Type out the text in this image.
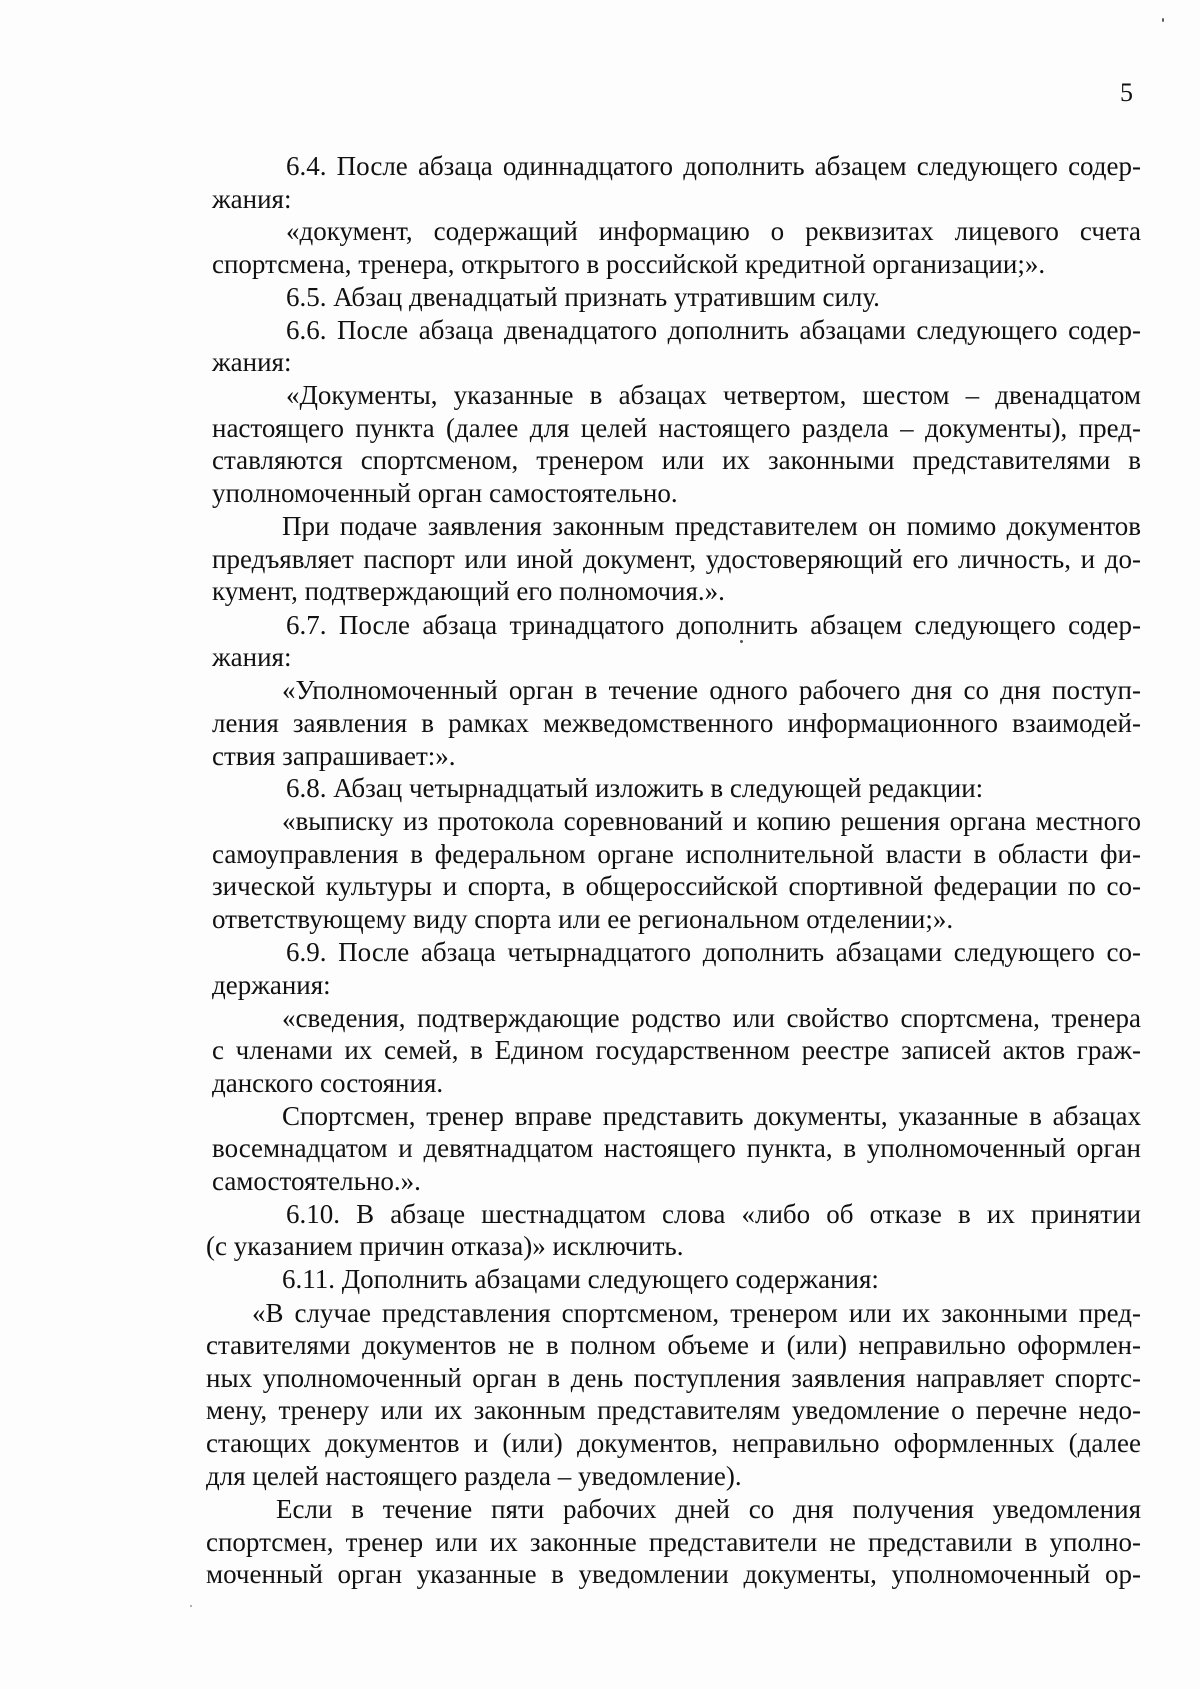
5
6.4. После абзаца одиннадцатого дополнить абзацем следующего содер-
жания:
«документ, содержащий информацию о реквизитах лицевого счета
спортсмена, тренера, открытого в российской кредитной организации;».
6.5. Абзац двенадцатый признать утратившим силу.
6.6. После абзаца двенадцатого дополнить абзацами следующего содер-
жания:
«Документы, указанные в абзацах четвертом, шестом – двенадцатом
настоящего пункта (далее для целей настоящего раздела – документы), пред-
ставляются спортсменом, тренером или их законными представителями в
уполномоченный орган самостоятельно.
При подаче заявления законным представителем он помимо документов
предъявляет паспорт или иной документ, удостоверяющий его личность, и до-
кумент, подтверждающий его полномочия.».
6.7. После абзаца тринадцатого дополнить абзацем следующего содер-
жания:
«Уполномоченный орган в течение одного рабочего дня со дня поступ-
ления заявления в рамках межведомственного информационного взаимодей-
ствия запрашивает:».
6.8. Абзац четырнадцатый изложить в следующей редакции:
«выписку из протокола соревнований и копию решения органа местного
самоуправления в федеральном органе исполнительной власти в области фи-
зической культуры и спорта, в общероссийской спортивной федерации по со-
ответствующему виду спорта или ее региональном отделении;».
6.9. После абзаца четырнадцатого дополнить абзацами следующего со-
держания:
«сведения, подтверждающие родство или свойство спортсмена, тренера
с членами их семей, в Едином государственном реестре записей актов граж-
данского состояния.
Спортсмен, тренер вправе представить документы, указанные в абзацах
восемнадцатом и девятнадцатом настоящего пункта, в уполномоченный орган
самостоятельно.».
6.10. В абзаце шестнадцатом слова «либо об отказе в их принятии
(с указанием причин отказа)» исключить.
6.11. Дополнить абзацами следующего содержания:
«В случае представления спортсменом, тренером или их законными пред-
ставителями документов не в полном объеме и (или) неправильно оформлен-
ных уполномоченный орган в день поступления заявления направляет спортс-
мену, тренеру или их законным представителям уведомление о перечне недо-
стающих документов и (или) документов, неправильно оформленных (далее
для целей настоящего раздела – уведомление).
Если в течение пяти рабочих дней со дня получения уведомления
спортсмен, тренер или их законные представители не представили в уполно-
моченный орган указанные в уведомлении документы, уполномоченный ор-
